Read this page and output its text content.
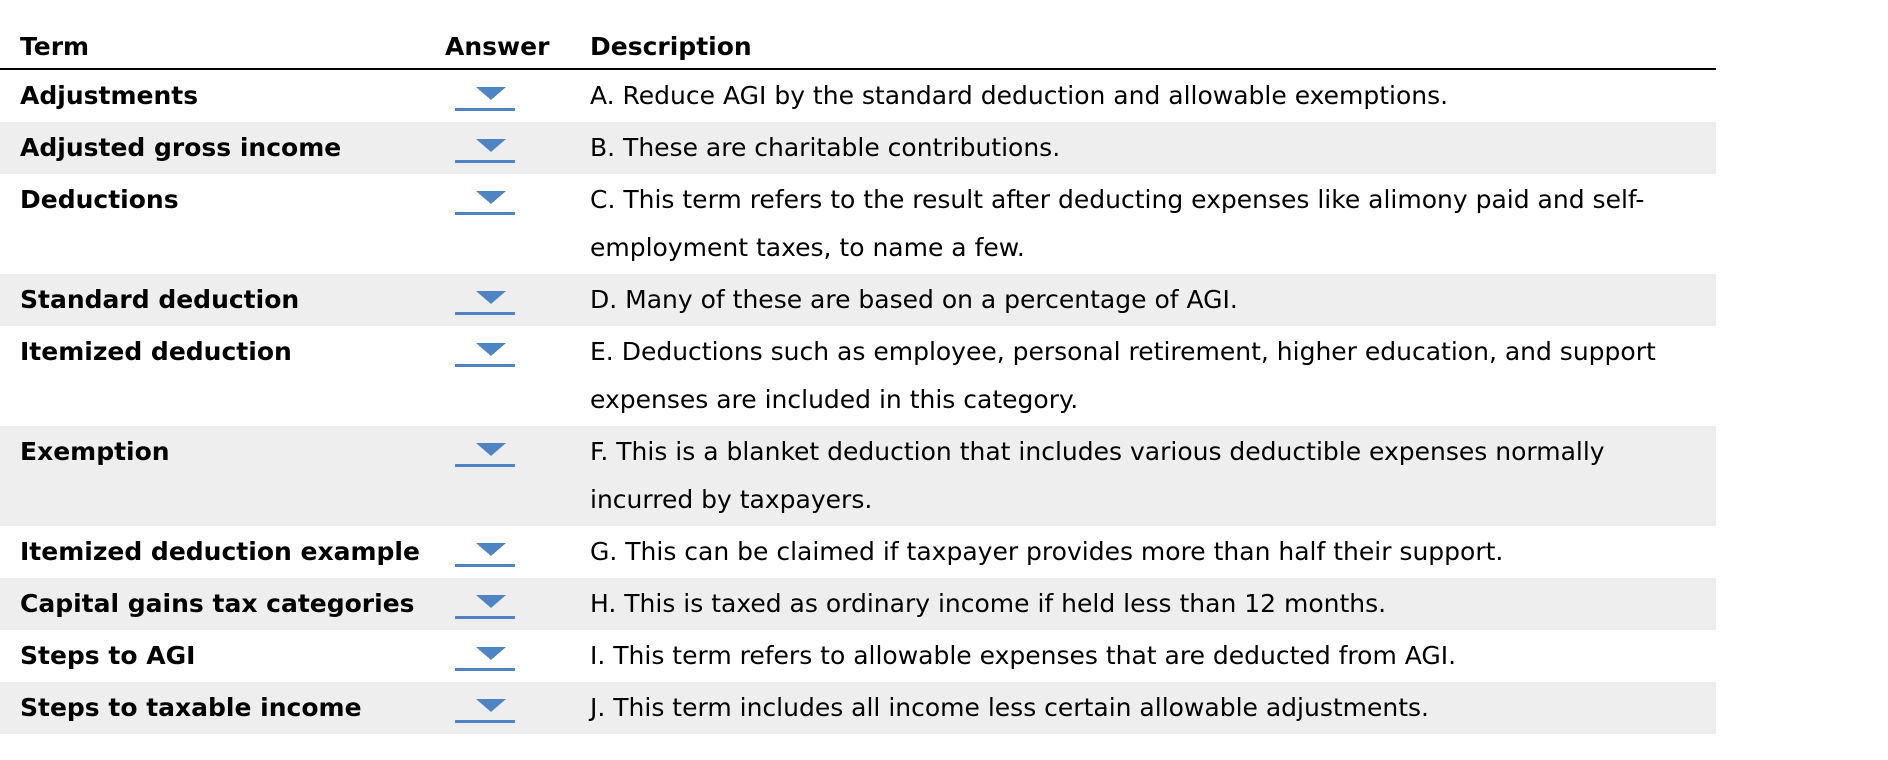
Term	Answer	Description
Adjustments	A. Reduce AGI by the standard deduction and allowable exemptions.
Adjusted gross income	B. These are charitable contributions.
Deductions	C. This term refers to the result after deducting expenses like alimony paid and self-employment taxes, to name a few.
Standard deduction	D. Many of these are based on a percentage of AGI.
Itemized deduction	E. Deductions such as employee, personal retirement, higher education, and support expenses are included in this category.
Exemption	F. This is a blanket deduction that includes various deductible expenses normally incurred by taxpayers.
Itemized deduction example	G. This can be claimed if taxpayer provides more than half their support.
Capital gains tax categories	H. This is taxed as ordinary income if held less than 12 months.
Steps to AGI	I. This term refers to allowable expenses that are deducted from AGI.
Steps to taxable income	J. This term includes all income less certain allowable adjustments.
